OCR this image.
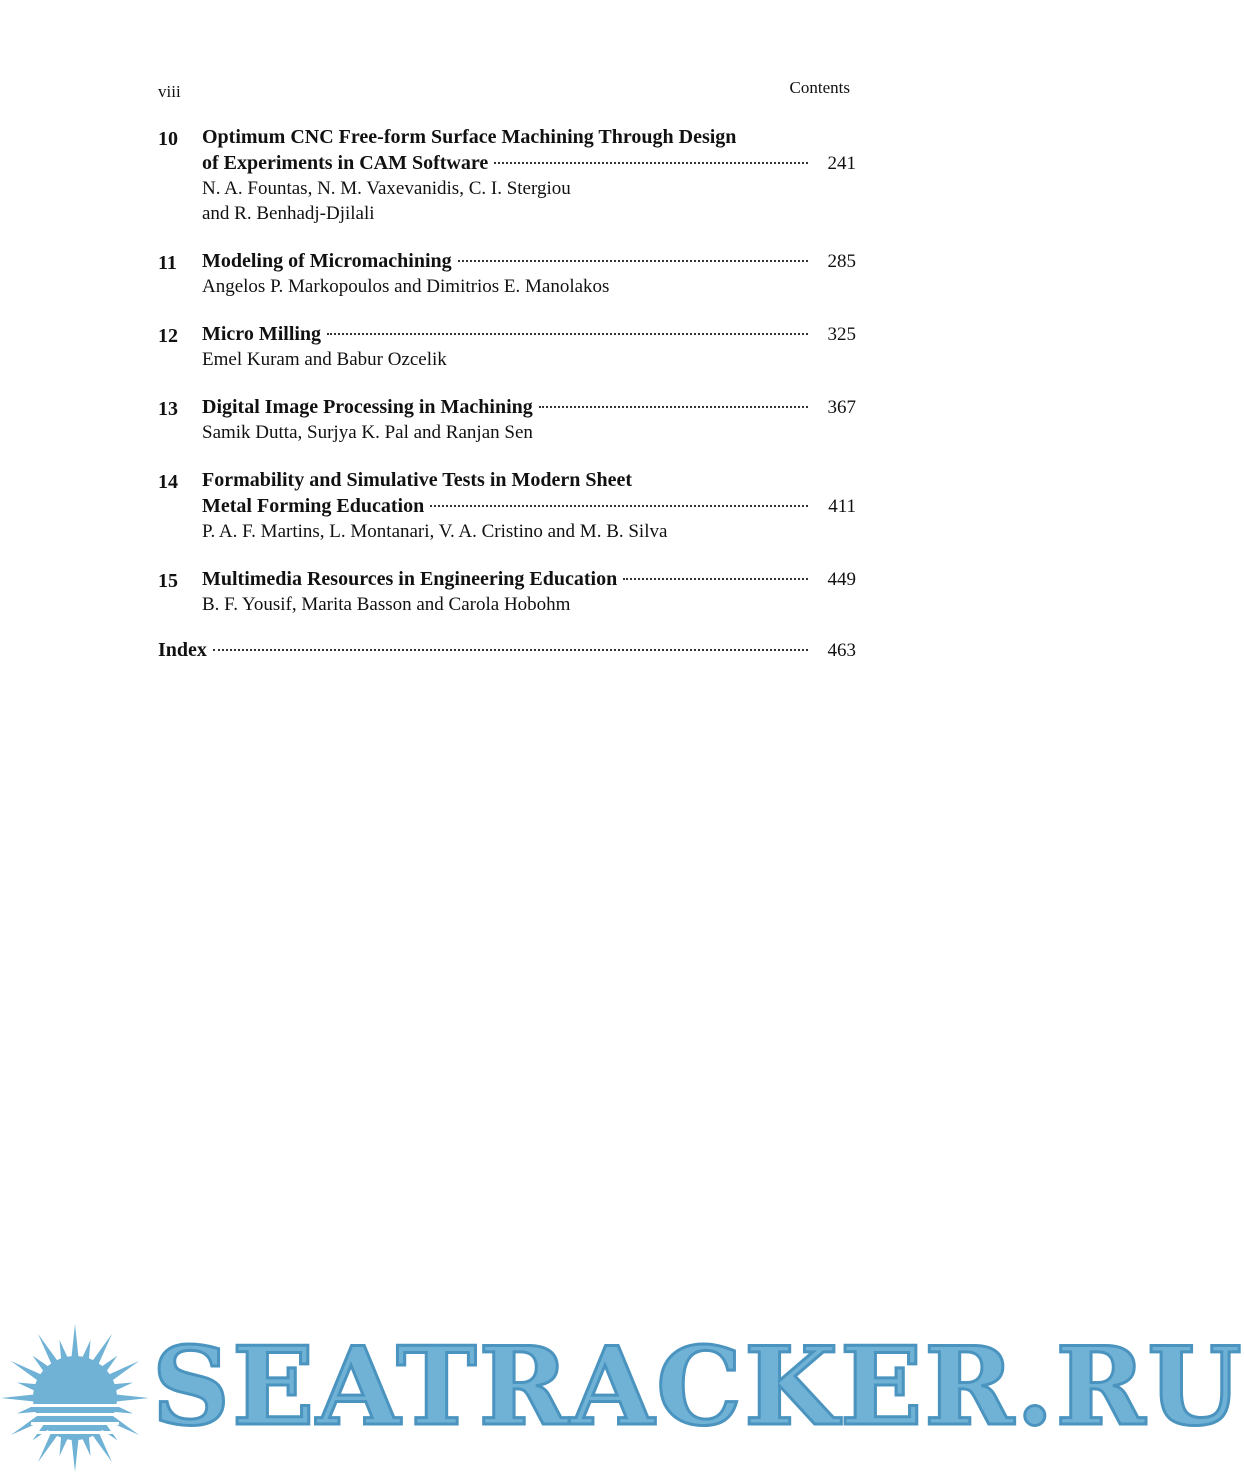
viii	Contents
10 Optimum CNC Free-form Surface Machining Through Design
of Experiments in CAM Software	241
N. A. Fountas, N. M. Vaxevanidis, C. I. Stergiou
and R. Benhadj-Djilali
11 Modeling of Micromachining	285
Angelos P. Markopoulos and Dimitrios E. Manolakos
12 Micro Milling	325
Emel Kuram and Babur Ozcelik
13 Digital Image Processing in Machining	367
Samik Dutta, Surjya K. Pal and Ranjan Sen
14 Formability and Simulative Tests in Modern Sheet
Metal Forming Education	411
P. A. F. Martins, L. Montanari, V. A. Cristino and M. B. Silva
15 Multimedia Resources in Engineering Education	449
B. F. Yousif, Marita Basson and Carola Hobohm
Index	463
SEATRACKER.RU
